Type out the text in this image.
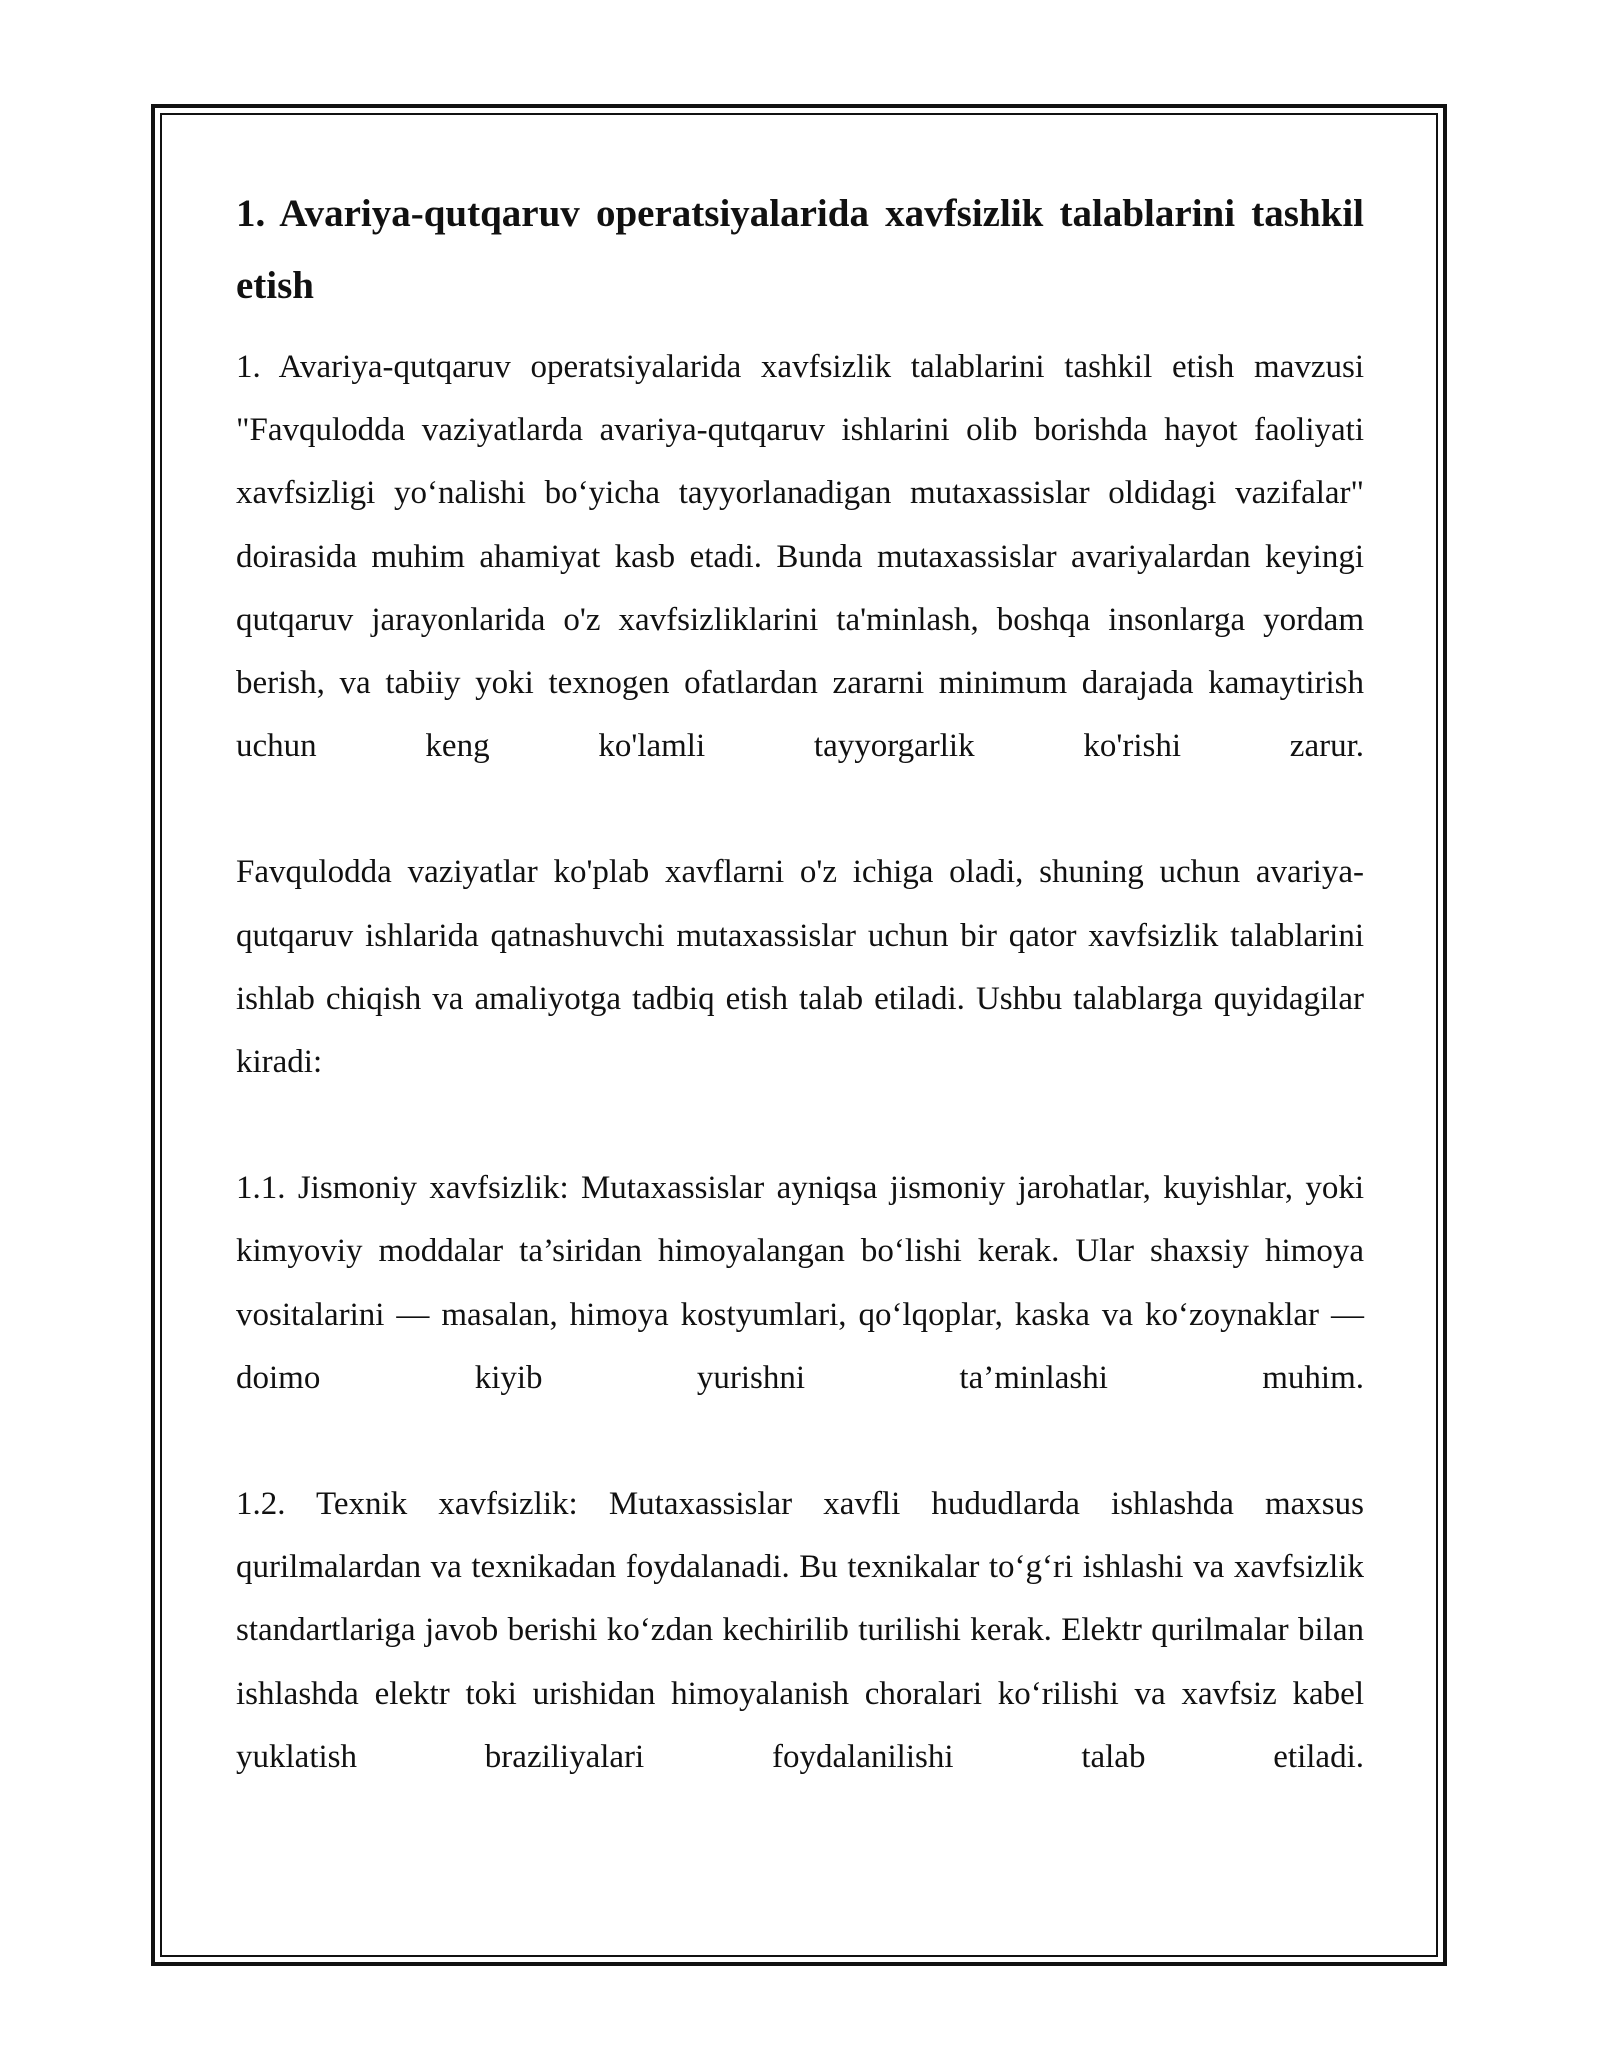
1. Avariya-qutqaruv operatsiyalarida xavfsizlik talablarini tashkil etish

1. Avariya-qutqaruv operatsiyalarida xavfsizlik talablarini tashkil etish mavzusi "Favqulodda vaziyatlarda avariya-qutqaruv ishlarini olib borishda hayot faoliyati xavfsizligi yo‘nalishi bo‘yicha tayyorlanadigan mutaxassislar oldidagi vazifalar" doirasida muhim ahamiyat kasb etadi. Bunda mutaxassislar avariyalardan keyingi qutqaruv jarayonlarida o'z xavfsizliklarini ta'minlash, boshqa insonlarga yordam berish, va tabiiy yoki texnogen ofatlardan zararni minimum darajada kamaytirish uchun keng ko'lamli tayyorgarlik ko'rishi zarur.

Favqulodda vaziyatlar ko'plab xavflarni o'z ichiga oladi, shuning uchun avariya-qutqaruv ishlarida qatnashuvchi mutaxassislar uchun bir qator xavfsizlik talablarini ishlab chiqish va amaliyotga tadbiq etish talab etiladi. Ushbu talablarga quyidagilar kiradi:

1.1. Jismoniy xavfsizlik: Mutaxassislar ayniqsa jismoniy jarohatlar, kuyishlar, yoki kimyoviy moddalar ta’siridan himoyalangan bo‘lishi kerak. Ular shaxsiy himoya vositalarini — masalan, himoya kostyumlari, qo‘lqoplar, kaska va ko‘zoynaklar — doimo kiyib yurishni ta’minlashi muhim.

1.2. Texnik xavfsizlik: Mutaxassislar xavfli hududlarda ishlashda maxsus qurilmalardan va texnikadan foydalanadi. Bu texnikalar to‘g‘ri ishlashi va xavfsizlik standartlariga javob berishi ko‘zdan kechirilib turilishi kerak. Elektr qurilmalar bilan ishlashda elektr toki urishidan himoyalanish choralari ko‘rilishi va xavfsiz kabel yuklatish braziliyalari foydalanilishi talab etiladi.
